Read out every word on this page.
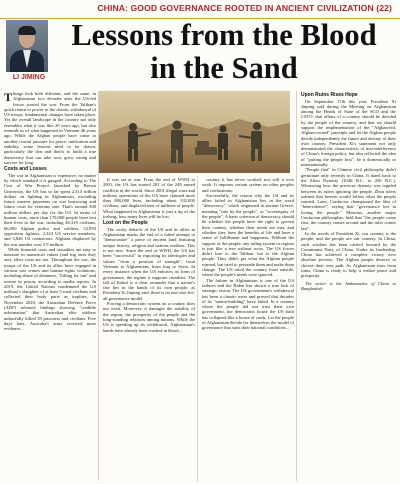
CHINA: GOOD GOVERNANCE ROOTED IN ANCIENT CIVILIZATION (22)
LI JIMING
Lessons from the Blood
in the Sand

Things look both different, and the same, in Afghanistan two decades after the US-led forces started the war. From the Taliban's quick return to power to the chaotic withdrawal of US troops, fundamental changes have taken place. Yet the overall landscape in the country not only resembles what it was like 20 years ago, but also reminds us of what happened in Vietnam 46 years ago. While the Afghan people have come to another crucial juncture for peace, unification and stability, some lessons need to be drawn, particularly the don and don'ts to build a true democracy that can take root, grow strong and survive for long.

Costs and Losses

The war in Afghanistan is expensive, no matter by which standard it is gauged. According to The Cost of War Project launched by Brown University, the US has so far spent 2.313 trillion dollars on fighting in Afghanistan, excluding future interest payments on war borrowing and future costs for veterans care. That's around 300 million dollars per day for the US. In terms of human costs, more than 170,000 people have lost their lives in the war, including 46,319 civilians, 66,000 Afghan police and soldiers, 52,893 opposition fighters, 2,324 US service members, and 3,846 US contractors. Afghans displaced by the war number over 5.9 million.

While financial costs and casualties are easy to measure in numerical values (and big ones they are), other costs are not. Throughout the war, the troops of the US and its allies have engaged in various war crimes and human rights violations, including abuse of detainees, "killing for fun" and torture in prison, according to media reports. In 2019, the United Nations condemned the US military's slaughter of at least 5 rural civilians and collected their body parts as trophies. In November 2020, the Australian Defence Force (ADF) released findings showing "credible information" that Australian elite soldiers unlawfully killed 39 prisoners and civilians. Five days later, Australia's army received more evidence...

It was set at war. From the end of WWII to 2001, the US has started 201 of the 248 armed conflicts in the world. Since 2001 illegal wars and military operations of the US have claimed more than 800,000 lives, including about 335,000 civilians, and displaced tens of millions of people. What happened in Afghanistan is just a tip of the iceberg, how many lives will be lost.

Lost on the People

The costly debacle of the US and its allies in Afghanistan marks the end of a failed attempt to "democratize" a piece of ancient land featuring unique history, religion and nations realities. This is not new. Since the end of WWII, the US has been "successful" in exporting its ideologies and values "from a position of strength", from Vietnam to Afghanistan, from Iraq to Syria. In every instance when the US enforces its form of governance, the regime it supports crumbles. The fall of Kabul is a clear reminder that a nation's fate lies in the hands of its own people; as President Xi Jinping said, there is no one-size-fits-all governance model.

Forcing a democratic system on a country does not work. Moreover, it damages the stability of the region, the prosperity of the people and the long-standing relations among nations. While the US is speeding up its withdrawal, Afghanistan's hands have already been washed in blood...

country it has never worked, nor will it ever work. It imposes certain system on other peoples and civilizations.

Successfully, the reason why the US and its allies failed in Afghanistan lies in the word "democracy", which originated in ancient Greece, meaning "rule by the people", or "sovereignty of the people". A basic criterion of democracy should be whether the people have the right to govern their country, whether their needs are met, and whether they have the benefits of life and have a sense of fulfillment and happiness. Without the support of the people, any ruling system or regime is just like a tree without roots. The US forces didn't lose to the Taliban, but to the Afghan people. They didn't get what the Afghan people wanted, but tried to persuade them and make them change. The US ruled the country from outside, where the people's needs were ignored.

The failure in Afghanistan is one of the US failures and the Biden has shown a true lack of strategic vision. The US government's withdrawal has been a chaotic mess and proved that decades of its "nation-building" have failed. In a country where the people did not trust their own government, the democratic house the US built has collapsed like a house of cards. Let the people of Afghanistan decide for themselves the model of governance that suits their national conditions...

Upon Ruins Rises Hope

On September 17th this year, President Xi Jinping said during the Meeting on Afghanistan among the Heads of State of the SCO and the CSTO, that affairs of a country should be decided by the people of the country, and that we should support the implementation of the "Afghan-led, Afghan-owned" principle and let the Afghan people decide independently the future and destiny of their own country. President Xi's statement not only demonstrated the characteristic of non-interference of China's foreign policy, but also reflected the idea of "putting the people first", be it domestically or internationally.

"People first" in Chinese civil philosophy didn't germinate only recently in China. It dated back to the Zhou Dynasty (1046 B.C. to 256 B.C.). Witnessing how the previous dynasty was toppled between its rulers ignoring the people, Zhou rulers warned that heaven would follow what the people wanted. Later, Confucius championed the idea of "benevolence", saying that "governance lies in loving the people." Mencius, another major Confucian philosopher, held that "the people come first, the country comes second and the ruler comes last".

In the words of President Xi, our country is the people, and the people are our country. In China, such wisdom has been carried forward by the Communist Party of China. Under its leadership, China has achieved a complete victory over absolute poverty. The Afghan people deserve to choose their own path. As Afghanistan rises from ruins, China is ready to help it realize peace and prosperity.

The writer is the Ambassador of China to Bangladesh
